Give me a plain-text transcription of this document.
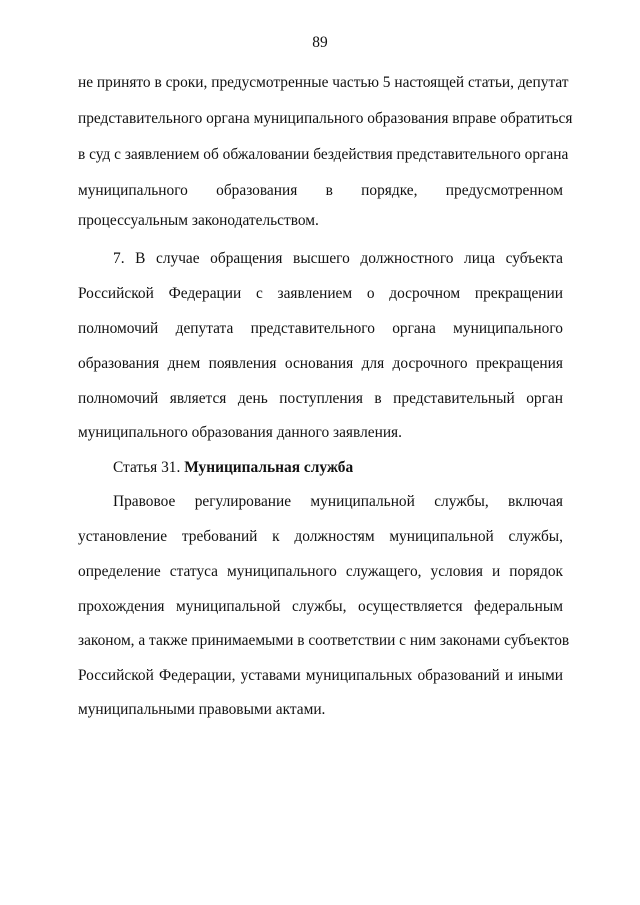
89
не принято в сроки, предусмотренные частью 5 настоящей статьи, депутат
представительного органа муниципального образования вправе обратиться
в суд с заявлением об обжаловании бездействия представительного органа
муниципального образования в порядке, предусмотренном
процессуальным законодательством.
7. В случае обращения высшего должностного лица субъекта
Российской Федерации с заявлением о досрочном прекращении
полномочий депутата представительного органа муниципального
образования днем появления основания для досрочного прекращения
полномочий является день поступления в представительный орган
муниципального образования данного заявления.
Статья 31. Муниципальная служба
Правовое регулирование муниципальной службы, включая
установление требований к должностям муниципальной службы,
определение статуса муниципального служащего, условия и порядок
прохождения муниципальной службы, осуществляется федеральным
законом, а также принимаемыми в соответствии с ним законами субъектов
Российской Федерации, уставами муниципальных образований и иными
муниципальными правовыми актами.
